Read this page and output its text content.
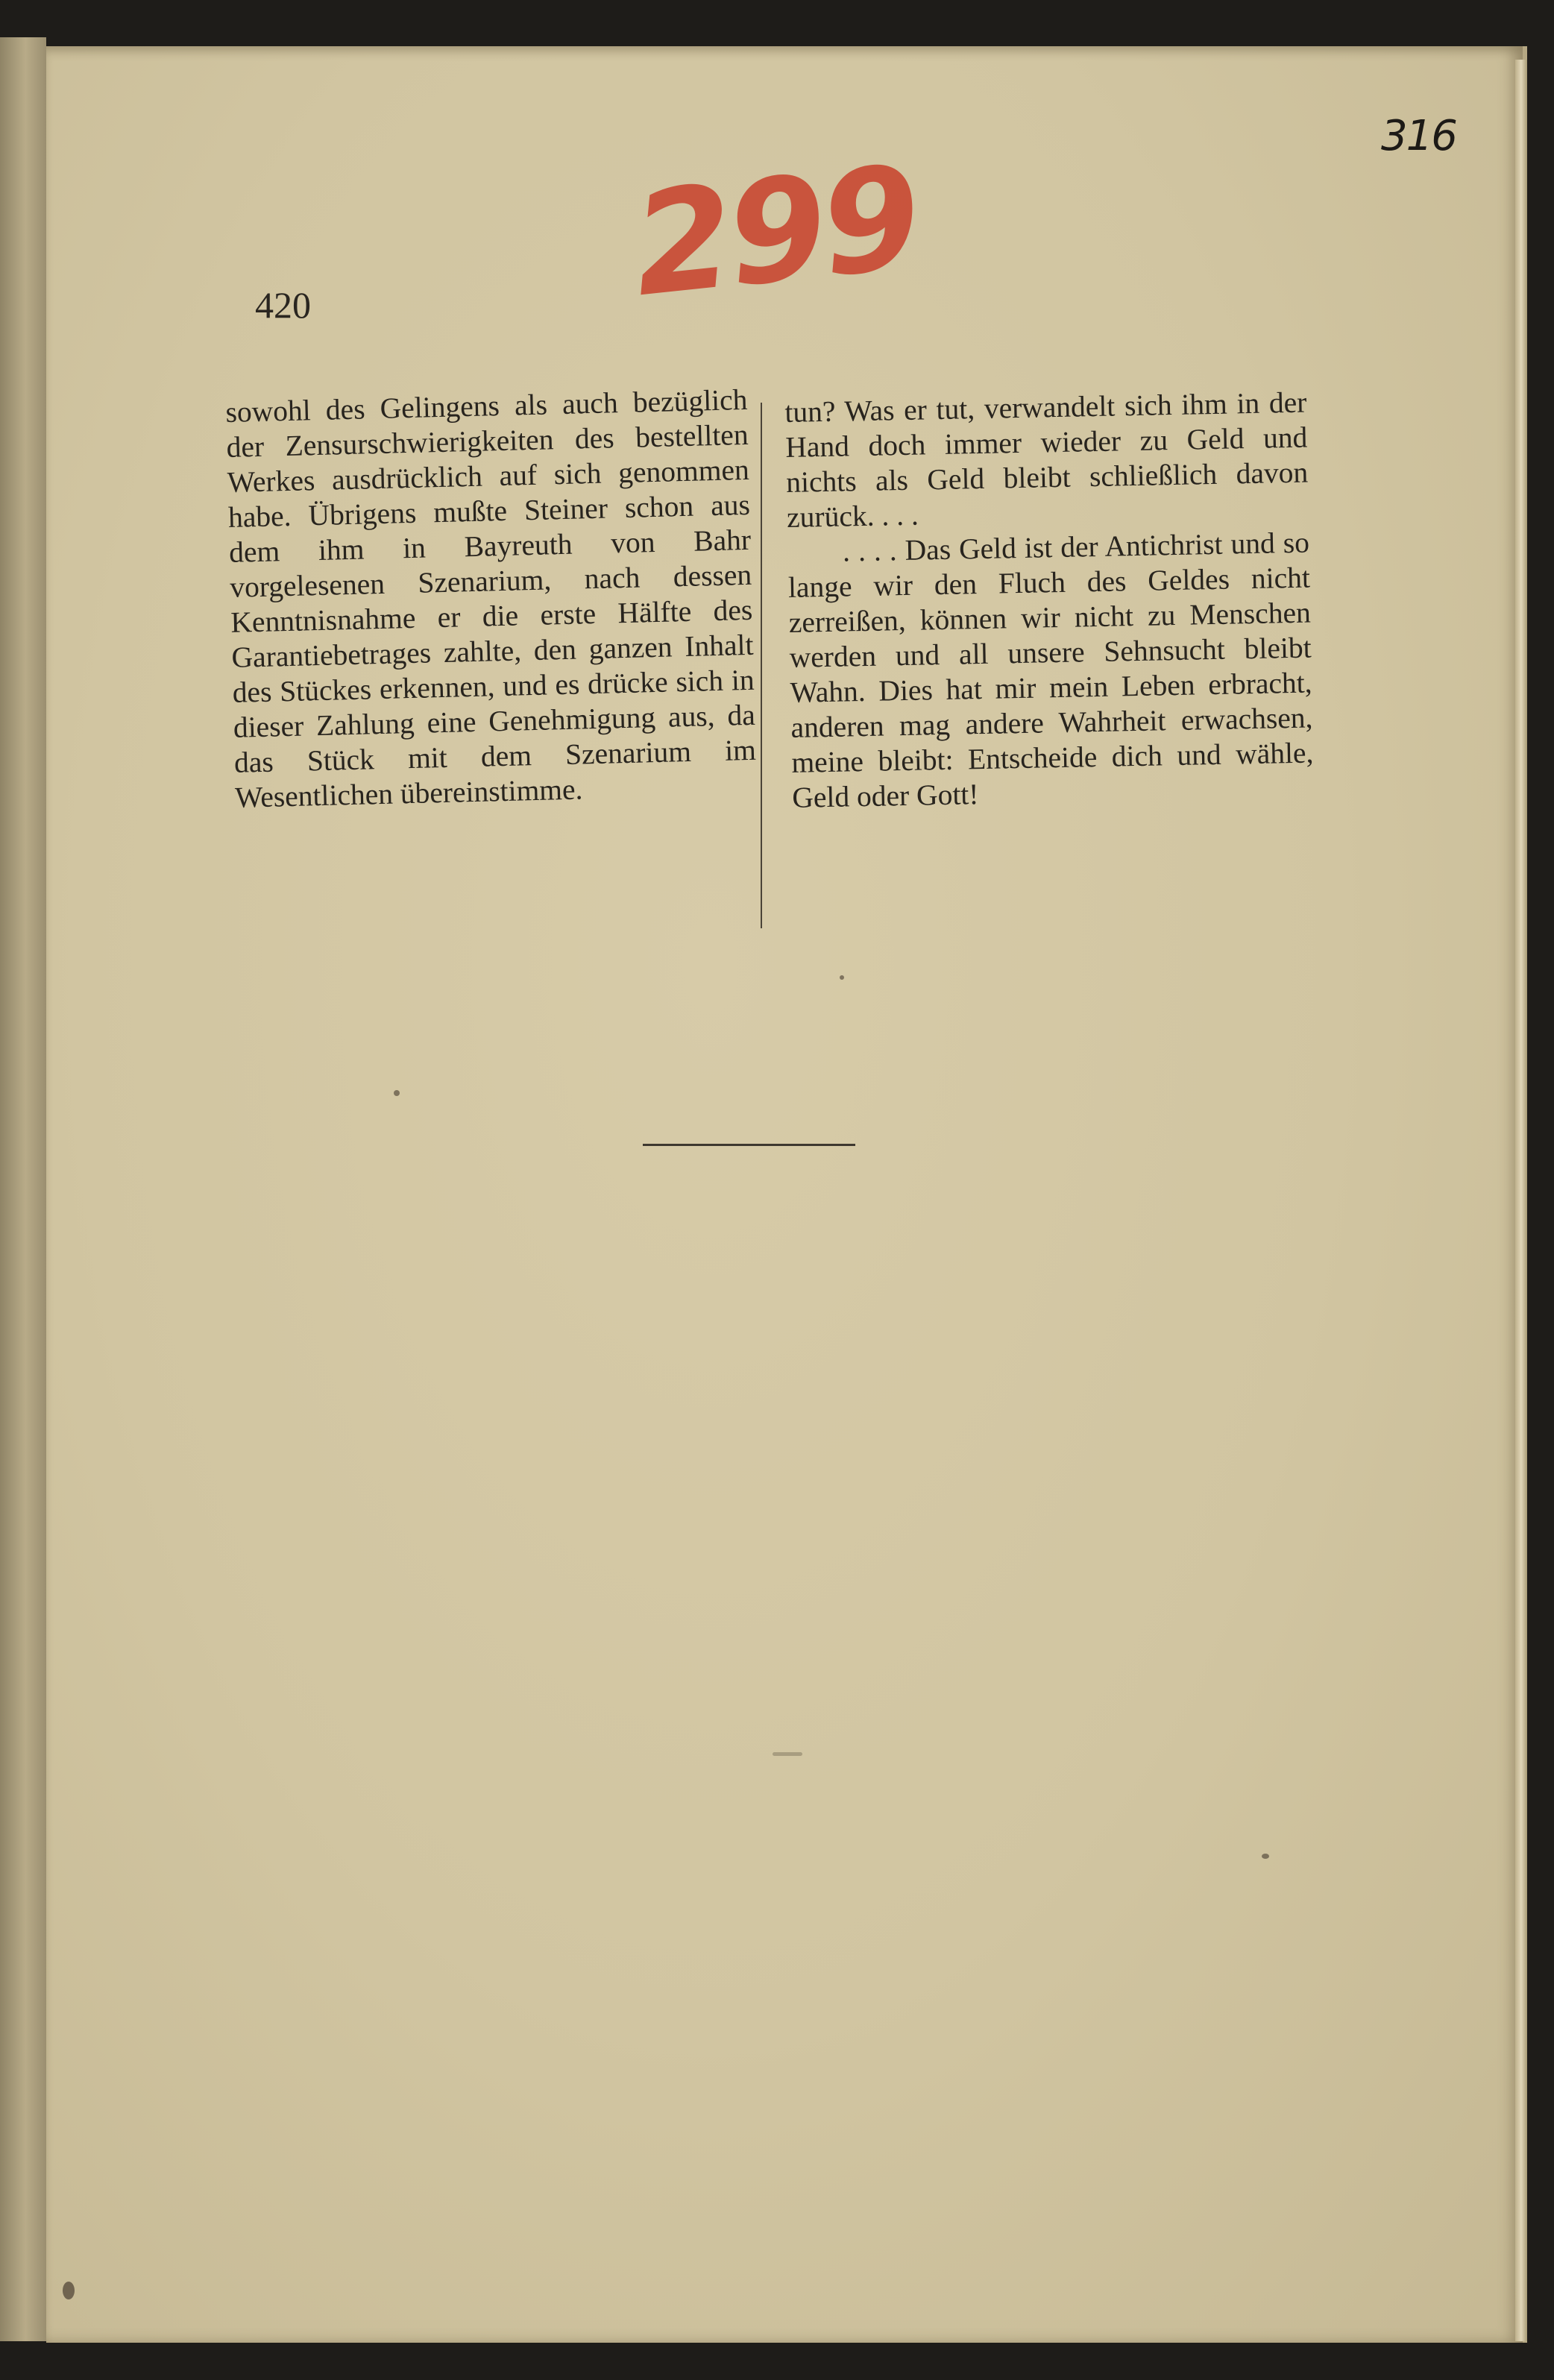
316
299
420

sowohl des Gelingens als auch bezüglich der Zensurschwierigkeiten des bestellten Werkes ausdrücklich auf sich genommen habe. Übrigens mußte Steiner schon aus dem ihm in Bayreuth von Bahr vorgelesenen Szenarium, nach dessen Kenntnisnahme er die erste Hälfte des Garantiebetrages zahlte, den ganzen Inhalt des Stückes erkennen, und es drücke sich in dieser Zahlung eine Genehmigung aus, da das Stück mit dem Szenarium im Wesentlichen übereinstimme.

tun? Was er tut, verwandelt sich ihm in der Hand doch immer wieder zu Geld und nichts als Geld bleibt schließlich davon zurück. . . .

. . . . Das Geld ist der Antichrist und so lange wir den Fluch des Geldes nicht zerreißen, können wir nicht zu Menschen werden und all unsere Sehnsucht bleibt Wahn. Dies hat mir mein Leben erbracht, anderen mag andere Wahrheit erwachsen, meine bleibt: Entscheide dich und wähle, Geld oder Gott!
